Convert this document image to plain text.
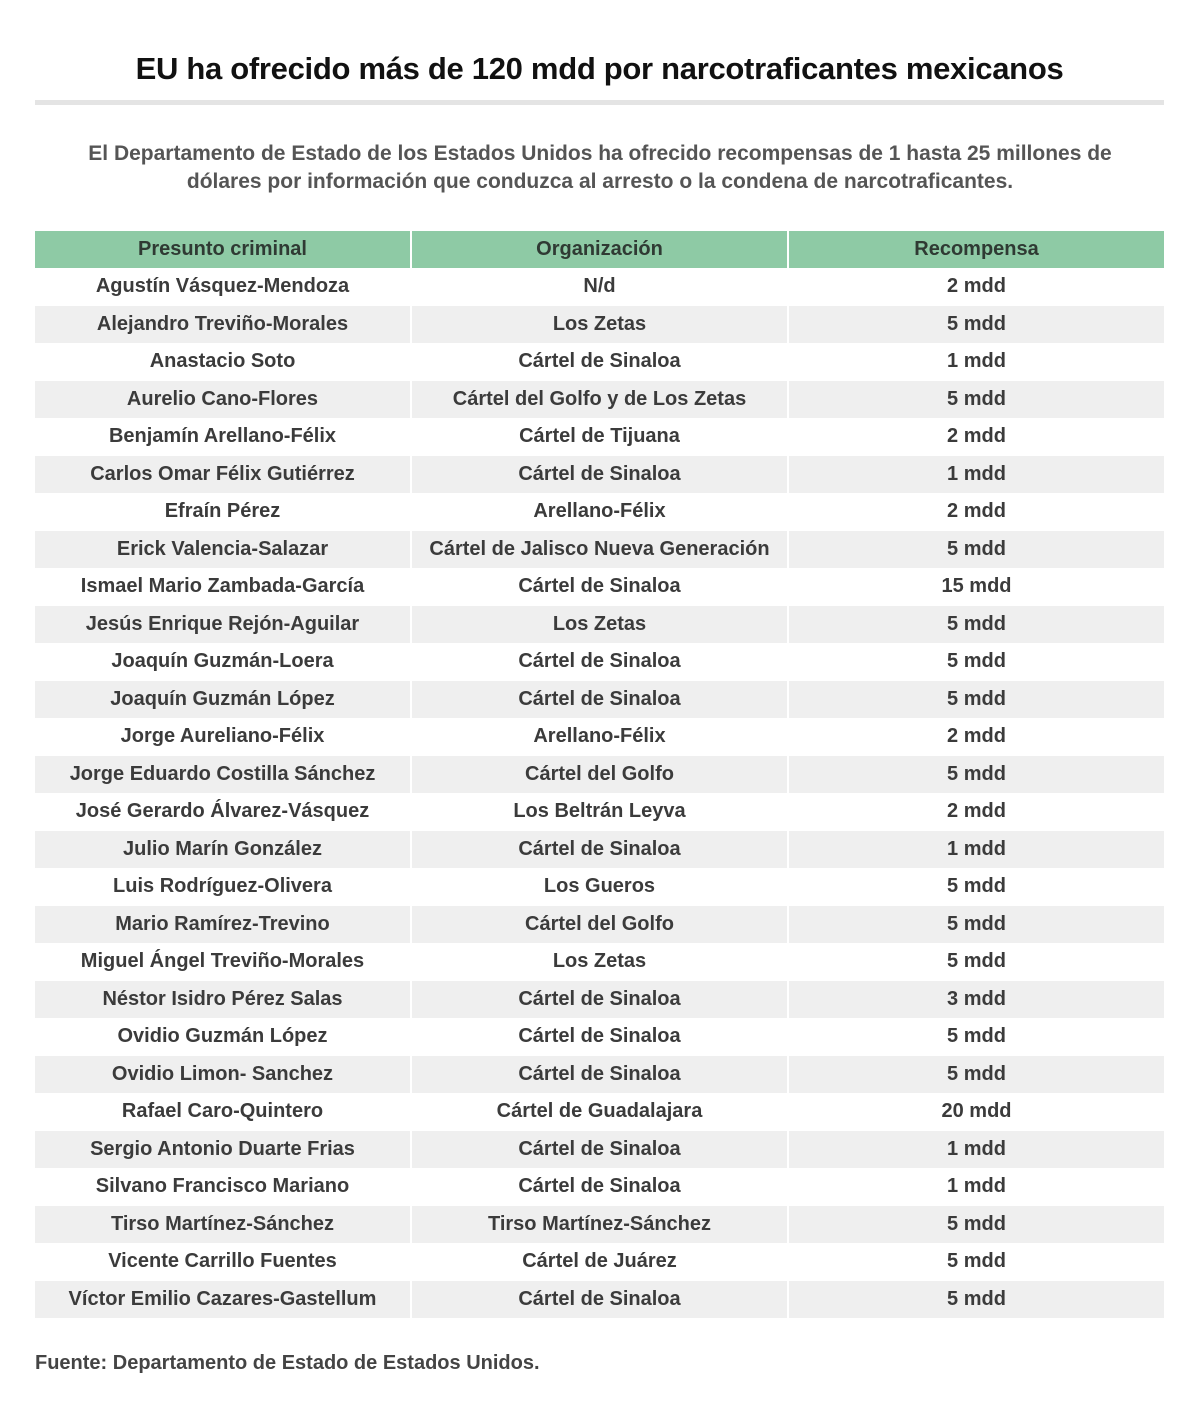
EU ha ofrecido más de 120 mdd por narcotraficantes mexicanos
El Departamento de Estado de los Estados Unidos ha ofrecido recompensas de 1 hasta 25 millones de dólares por información que conduzca al arresto o la condena de narcotraficantes.
Presunto criminal	Organización	Recompensa
Agustín Vásquez-Mendoza	N/d	2 mdd
Alejandro Treviño-Morales	Los Zetas	5 mdd
Anastacio Soto	Cártel de Sinaloa	1 mdd
Aurelio Cano-Flores	Cártel del Golfo y de Los Zetas	5 mdd
Benjamín Arellano-Félix	Cártel de Tijuana	2 mdd
Carlos Omar Félix Gutiérrez	Cártel de Sinaloa	1 mdd
Efraín Pérez	Arellano-Félix	2 mdd
Erick Valencia-Salazar	Cártel de Jalisco Nueva Generación	5 mdd
Ismael Mario Zambada-García	Cártel de Sinaloa	15 mdd
Jesús Enrique Rejón-Aguilar	Los Zetas	5 mdd
Joaquín Guzmán-Loera	Cártel de Sinaloa	5 mdd
Joaquín Guzmán López	Cártel de Sinaloa	5 mdd
Jorge Aureliano-Félix	Arellano-Félix	2 mdd
Jorge Eduardo Costilla Sánchez	Cártel del Golfo	5 mdd
José Gerardo Álvarez-Vásquez	Los Beltrán Leyva	2 mdd
Julio Marín González	Cártel de Sinaloa	1 mdd
Luis Rodríguez-Olivera	Los Gueros	5 mdd
Mario Ramírez-Trevino	Cártel del Golfo	5 mdd
Miguel Ángel Treviño-Morales	Los Zetas	5 mdd
Néstor Isidro Pérez Salas	Cártel de Sinaloa	3 mdd
Ovidio Guzmán López	Cártel de Sinaloa	5 mdd
Ovidio Limon- Sanchez	Cártel de Sinaloa	5 mdd
Rafael Caro-Quintero	Cártel de Guadalajara	20 mdd
Sergio Antonio Duarte Frias	Cártel de Sinaloa	1 mdd
Silvano Francisco Mariano	Cártel de Sinaloa	1 mdd
Tirso Martínez-Sánchez	Tirso Martínez-Sánchez	5 mdd
Vicente Carrillo Fuentes	Cártel de Juárez	5 mdd
Víctor Emilio Cazares-Gastellum	Cártel de Sinaloa	5 mdd
Fuente: Departamento de Estado de Estados Unidos.
